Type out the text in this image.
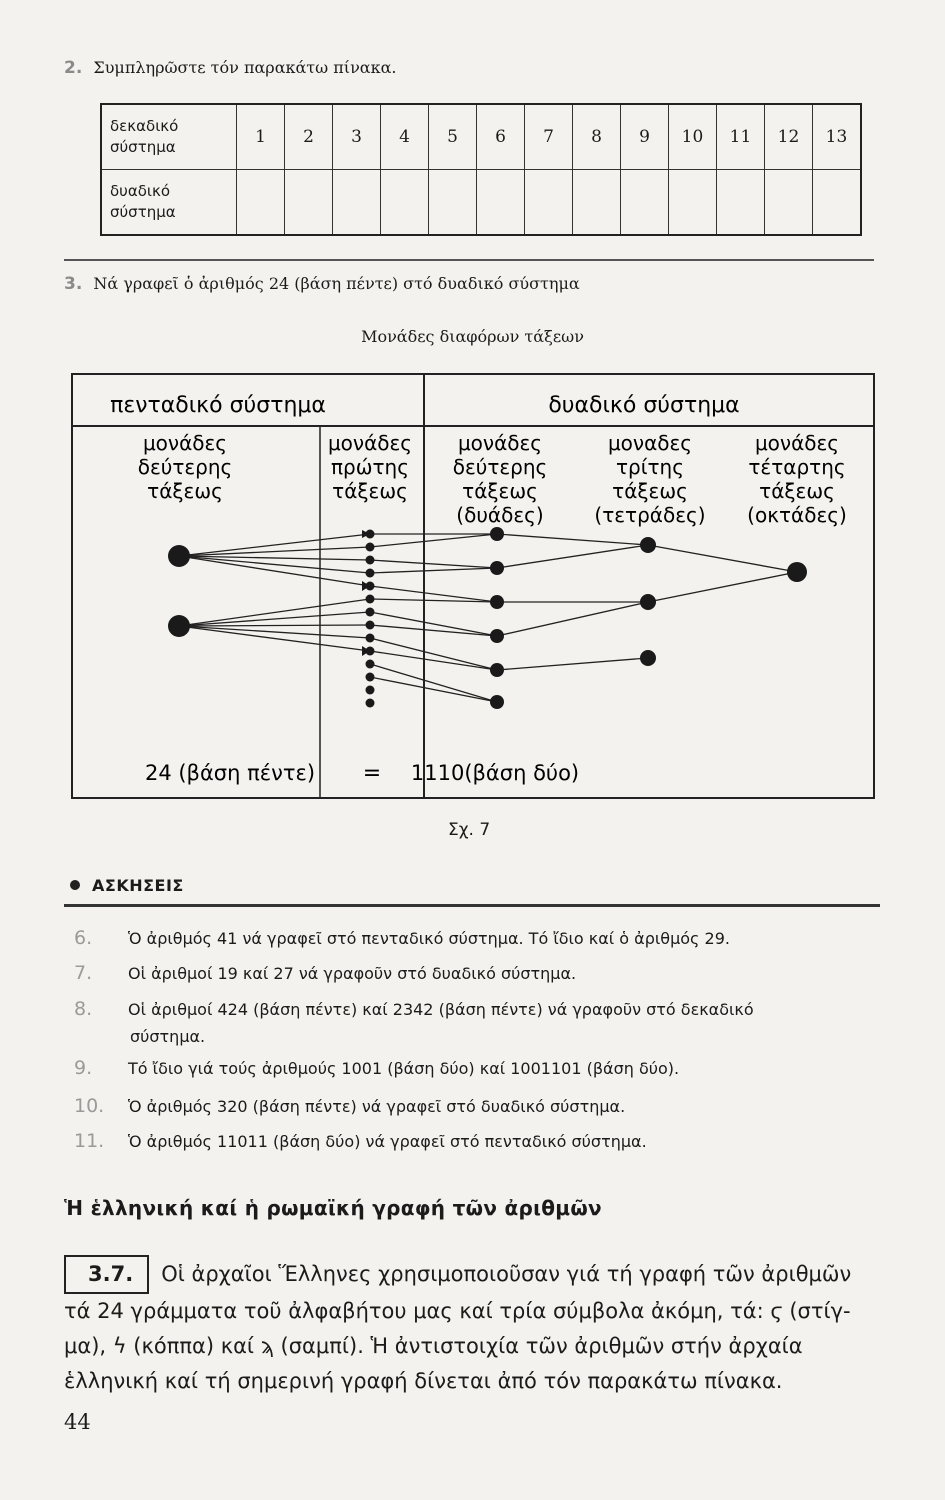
2. Συμπληρῶστε τόν παρακάτω πίνακα.
δεκαδικό
σύστημα	1	2	3	4	5	6	7	8	9	10	11	12	13

δυαδικό
σύστημα													

3. Νά γραφεῖ ὁ ἀριθμός 24 (βάση πέντε) στό δυαδικό σύστημα
Μονάδες διαφόρων τάξεων
πενταδικό σύστημα	δυαδικό σύστημα
μονάδες
δεύτερης
τάξεως
μονάδες
πρώτης
τάξεως
μονάδες
δεύτερης
τάξεως
(δυάδες)
μοναδες
τρίτης
τάξεως
(τετράδες)
μονάδες
τέταρτης
τάξεως
(οκτάδες)
24 (βάση πέντε) = 1110(βάση δύο)
Σχ. 7
ΑΣΚΗΣΕΙΣ
6. Ὁ ἀριθμός 41 νά γραφεῖ στό πενταδικό σύστημα. Τό ἴδιο καί ὁ ἀριθμός 29.
7. Οἱ ἀριθμοί 19 καί 27 νά γραφοῦν στό δυαδικό σύστημα.
8. Οἱ ἀριθμοί 424 (βάση πέντε) καί 2342 (βάση πέντε) νά γραφοῦν στό δεκαδικό
σύστημα.
9. Τό ἴδιο γιά τούς ἀριθμούς 1001 (βάση δύο) καί 1001101 (βάση δύο).
10. Ὁ ἀριθμός 320 (βάση πέντε) νά γραφεῖ στό δυαδικό σύστημα.
11. Ὁ ἀριθμός 11011 (βάση δύο) νά γραφεῖ στό πενταδικό σύστημα.
Ἡ ἑλληνική καί ἡ ρωμαϊκή γραφή τῶν ἀριθμῶν
3.7. Οἱ ἀρχαῖοι Ἕλληνες χρησιμοποιοῦσαν γιά τή γραφή τῶν ἀριθμῶν
τά 24 γράμματα τοῦ ἀλφαβήτου μας καί τρία σύμβολα ἀκόμη, τά: ϛ (στίγ-
μα), ϟ (κόππα) καί ϡ (σαμπί). Ἡ ἀντιστοιχία τῶν ἀριθμῶν στήν ἀρχαία
ἑλληνική καί τή σημερινή γραφή δίνεται ἀπό τόν παρακάτω πίνακα.
44
